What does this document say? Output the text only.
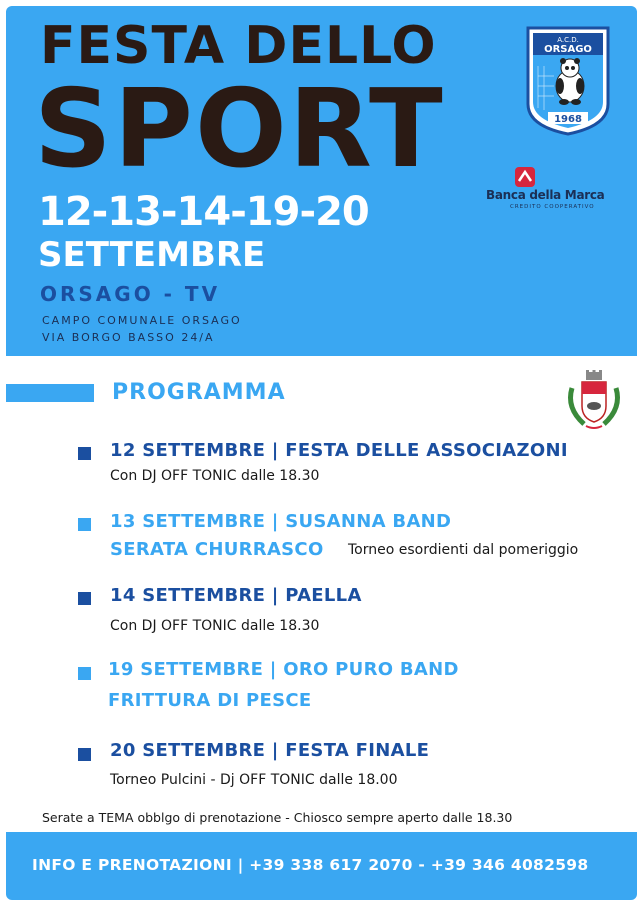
FESTA DELLO
SPORT
12-13-14-19-20
SETTEMBRE
ORSAGO - TV
CAMPO COMUNALE ORSAGO
VIA BORGO BASSO 24/A
A.C.D.
ORSAGO
1968
Banca della Marca
CREDITO COOPERATIVO
PROGRAMMA
12 SETTEMBRE | FESTA DELLE ASSOCIAZONI
Con DJ OFF TONIC dalle 18.30
13 SETTEMBRE | SUSANNA BAND
SERATA CHURRASCO Torneo esordienti dal pomeriggio
14 SETTEMBRE | PAELLA
Con DJ OFF TONIC dalle 18.30
19 SETTEMBRE | ORO PURO BAND
FRITTURA DI PESCE
20 SETTEMBRE | FESTA FINALE
Torneo Pulcini - Dj OFF TONIC dalle 18.00
Serate a TEMA obblgo di prenotazione - Chiosco sempre aperto dalle 18.30
INFO E PRENOTAZIONI | +39 338 617 2070 - +39 346 4082598
